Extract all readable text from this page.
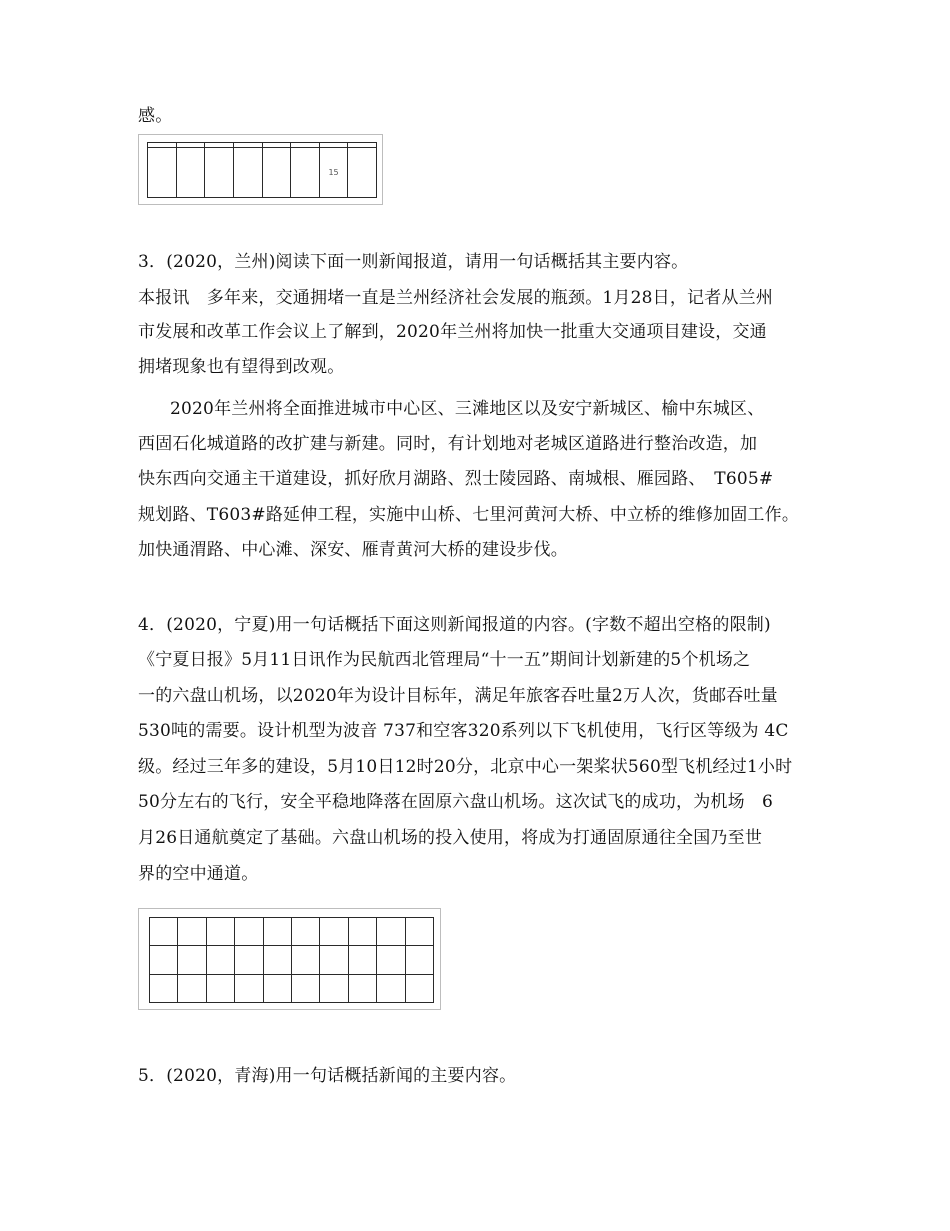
感。

						15	
3．(2020，兰州)阅读下面一则新闻报道，请用一句话概括其主要内容。
本报讯　多年来，交通拥堵一直是兰州经济社会发展的瓶颈。1月28日，记者从兰州
市发展和改革工作会议上了解到，2020年兰州将加快一批重大交通项目建设，交通
拥堵现象也有望得到改观。
2020年兰州将全面推进城市中心区、三滩地区以及安宁新城区、榆中东城区、
西固石化城道路的改扩建与新建。同时，有计划地对老城区道路进行整治改造，加
快东西向交通主干道建设，抓好欣月湖路、烈士陵园路、南城根、雁园路、　T605#
规划路、T603#路延伸工程，实施中山桥、七里河黄河大桥、中立桥的维修加固工作。
加快通渭路、中心滩、深安、雁青黄河大桥的建设步伐。
4．(2020，宁夏)用一句话概括下面这则新闻报道的内容。(字数不超出空格的限制)
《宁夏日报》5月11日讯作为民航西北管理局“十一五”期间计划新建的5个机场之
一的六盘山机场，以2020年为设计目标年，满足年旅客吞吐量2万人次，货邮吞吐量
530吨的需要。设计机型为波音 737和空客320系列以下飞机使用，飞行区等级为 4C
级。经过三年多的建设，5月10日12时20分，北京中心一架桨状560型飞机经过1小时
50分左右的飞行，安全平稳地降落在固原六盘山机场。这次试飞的成功，为机场　6
月26日通航奠定了基础。六盘山机场的投入使用，将成为打通固原通往全国乃至世
界的空中通道。

5．(2020，青海)用一句话概括新闻的主要内容。
